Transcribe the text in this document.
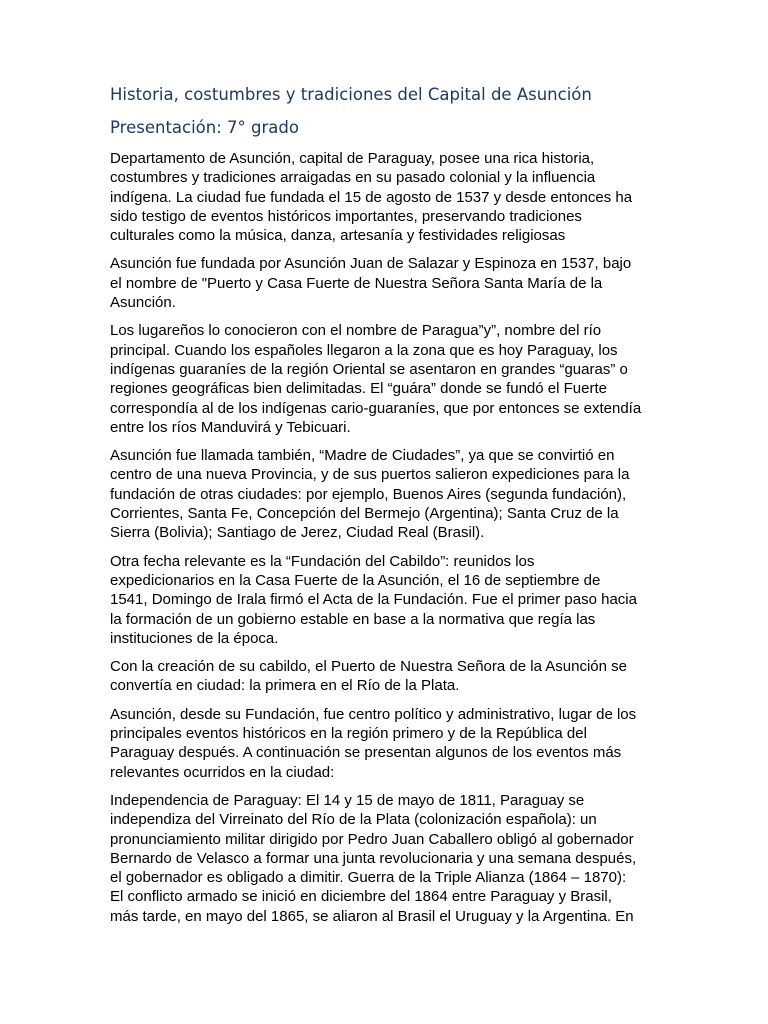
Historia, costumbres y tradiciones del Capital de Asunción
Presentación: 7° grado

Departamento de Asunción, capital de Paraguay, posee una rica historia,
costumbres y tradiciones arraigadas en su pasado colonial y la influencia
indígena. La ciudad fue fundada el 15 de agosto de 1537 y desde entonces ha
sido testigo de eventos históricos importantes, preservando tradiciones
culturales como la música, danza, artesanía y festividades religiosas

Asunción fue fundada por Asunción Juan de Salazar y Espinoza en 1537, bajo
el nombre de "Puerto y Casa Fuerte de Nuestra Señora Santa María de la
Asunción.

Los lugareños lo conocieron con el nombre de Paragua”y”, nombre del río
principal. Cuando los españoles llegaron a la zona que es hoy Paraguay, los
indígenas guaraníes de la región Oriental se asentaron en grandes “guaras” o
regiones geográficas bien delimitadas. El “guára” donde se fundó el Fuerte
correspondía al de los indígenas cario-guaraníes, que por entonces se extendía
entre los ríos Manduvirá y Tebicuari.

Asunción fue llamada también, “Madre de Ciudades”, ya que se convirtió en
centro de una nueva Provincia, y de sus puertos salieron expediciones para la
fundación de otras ciudades: por ejemplo, Buenos Aires (segunda fundación),
Corrientes, Santa Fe, Concepción del Bermejo (Argentina); Santa Cruz de la
Sierra (Bolivia); Santiago de Jerez, Ciudad Real (Brasil).

Otra fecha relevante es la “Fundación del Cabildo”: reunidos los
expedicionarios en la Casa Fuerte de la Asunción, el 16 de septiembre de
1541, Domingo de Irala firmó el Acta de la Fundación. Fue el primer paso hacia
la formación de un gobierno estable en base a la normativa que regía las
instituciones de la época.

Con la creación de su cabildo, el Puerto de Nuestra Señora de la Asunción se
convertía en ciudad: la primera en el Río de la Plata.

Asunción, desde su Fundación, fue centro político y administrativo, lugar de los
principales eventos históricos en la región primero y de la República del
Paraguay después. A continuación se presentan algunos de los eventos más
relevantes ocurridos en la ciudad:

Independencia de Paraguay: El 14 y 15 de mayo de 1811, Paraguay se
independiza del Virreinato del Río de la Plata (colonización española): un
pronunciamiento militar dirigido por Pedro Juan Caballero obligó al gobernador
Bernardo de Velasco a formar una junta revolucionaria y una semana después,
el gobernador es obligado a dimitir. Guerra de la Triple Alianza (1864 – 1870):
El conflicto armado se inició en diciembre del 1864 entre Paraguay y Brasil,
más tarde, en mayo del 1865, se aliaron al Brasil el Uruguay y la Argentina. En
